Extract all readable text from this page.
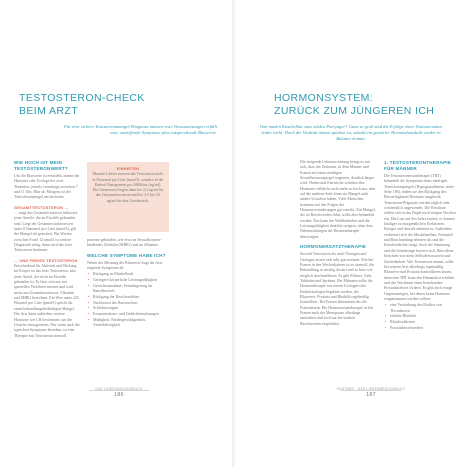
TESTOSTERON-CHECK
BEIM ARZT

Für eine sichere Testosteronmangel-Diagnose müssen zwei Voraussetzungen erfüllt sein: zutreffende Symptome plus entsprechende Blutwerte.

WIE HOCH IST MEIN TESTOSTERONWERT?

Um die Blutwerte zu ermitteln, nimmt der Hausarzt oder Urologe bei zwei Terminen, jeweils vormittags zwischen 7 und 11 Uhr, Blut ab. Morgens ist der Testosteronspiegel am höchsten.

GESAMTTESTOSTERON …

… zeigt das Gesamttestosteron inklusive jener Anteile, die an Eiweiße gebunden sind. Liegt der Gesamttestosteronwert unter 8 Nanomol pro Liter (nmol/l), gilt der Mangel als gesichert. Bei Werten zwischen 8 und 12 nmol/l ist weitere Diagnostik nötig, dann wird das freie Testosteron bestimmt.

… UND FREIES TESTOSTERON

Entscheidend für Aktivität und Wirkung im Körper ist das freie Testosteron, also jener Anteil, der nicht an Eiweiße gebunden ist. Er lässt sich nur mit speziellen Verfahren messen und wird meist aus Gesamttestosteron, Albumin und SHBG berechnet. Ein Wert unter 225 Pikomol pro Liter (pmol/l) spricht für einen behandlungsbedürftigen Mangel. Der Arzt kann außerdem weitere Hormone wie LH bestimmen, um die Ursache einzugrenzen. Nur wenn auch die typischen Symptome bestehen, ist eine Therapie mit Testosteron sinnvoll.

EINHEITEN
Manche Labore messen das Testosteron nicht in Nanomol pro Liter (nmol/l), sondern in der Einheit Nanogramm pro Milliliter (ng/ml). Die Grenzwerte liegen dann bei 2,3 ng/ml für das Gesamttestosteron und bei 3,5 bis 5,0 ng/ml für den Graubereich.

proteine gebunden, wie etwa an Sexualhormon-bindendes Globulin (SHBG) und an Albumin.

WELCHE SYMPTOME HABE ICH?

Neben der Messung der Blutwerte fragt der Arzt folgende Symptome ab:

• Rückgang an Muskelkraft
• Geringere körperliche Leistungsfähigkeit
• Gewichtszunahme, Fettanlagerung im Bauchbereich
• Rückgang der Knochendichte
• Nachlassen des Bartwuchses
• Schlafstörungen
• Konzentrations- und Gedächtnisstörungen
• Müdigkeit, Niedergeschlagenheit, Antriebslosigkeit
DAS LIEBESMEDIZINBUCH
186
HORMONSYSTEM:
ZURÜCK ZUM JÜNGEREN ICH

Vom müden Kuschelbär zum wilden Partytiger? Ganz so groß sind die Erfolge einer Testosteronkur leider nicht. Doch die Vitalität nimmt spürbar zu, sobald ein gestörter Hormonhaushalt wieder in Balance kommt.

Die steigende Lebenserwartung bringt es mit sich, dass der Zeitraum, in dem Männer und Frauen auf einen niedrigen Sexualhormonspiegel reagieren, deutlich länger wird. Hatten und Eierstöcke schütten ihre Hormone vielleicht nicht mehr so hoch aus, aber auf der anderen Seite kann ein Mangel auch andere Ursachen haben. Viele Menschen kommen mit den Folgen der Hormonveränderungen gut zurecht. Ein Mangel, der zu Beschwerden führt, sollte aber behandelt werden. Das kann das Wohlbefinden und die Leistungsfähigkeit deutlich steigern, ohne dass Nebenwirkungen der Hormontherapie überwiegen.

HORMONERSATZTHERAPIE

Sowohl Testosteron als auch Östrogen und Gestagen lassen sich sehr gut ersetzen. Wie bei Frauen in den Wechseljahren ist es sinnvoll, die Behandlung so niedrig dosiert und so kurz wie möglich durchzuführen. Es gibt Pflaster, Gele, Tabletten und Spritzen. Bei Männern sollte die Hormontherapie von einem Urologen oder Endokrinologen begleitet werden, der Blutwerte, Prostata und Blutbild regelmäßig kontrolliert. Bei Frauen übernimmt das die Frauenärztin. Die Hormonersatztherapie ist bei Frauen nach der Menopause allerdings umstritten und wird nur bei starken Beschwerden empfohlen.

1. TESTOSTERONTHERAPIE FÜR MÄNNER

Die Testosteronersatztherapie (TRT) behandelt die Symptome eines niedrigen Testosteronspiegels (Hypogonadismus, siehe Seite 186), indem sie den Rückgang des Bioverfügbaren Hormons ausgleicht. Testosteron-Präparate werden täglich oder wöchentlich angewendet. Die Resultate stellen sich in der Regel nach einigen Wochen ein. Die Lust auf Sex kehrt zurück, es kommt häufiger zu morgendlichen Erektionen, Energie und Antrieb nehmen zu. Außerdem verbessert sich der Muskelaufbau, Fettanteil und Bauchumfang nehmen ab, und die Knochendichte steigt. Auch die Stimmung und die Gemütslage bessern sich, Betroffene berichten von mehr Selbstbewusstsein und Zufriedenheit. Wer Testosteron nimmt, sollte bei seinem Arzt allerdings regelmäßig Blutwerte und Prostata kontrollieren lassen, denn eine TRT kann den Hämatokrit erhöhen und das Wachstum eines bestehenden Prostatakrebses fördern. Es gibt auch einige Gegenanzeigen, bei denen keine Hormone eingenommen werden sollten:

• eine Verstärkung des Risikos von Thrombosen
• erhöhte Blutfette
• Blutdruckkrisen
• Prostatabeschwerden
PARTNER · DAS LIEBESMEDIZINBUCH
187
